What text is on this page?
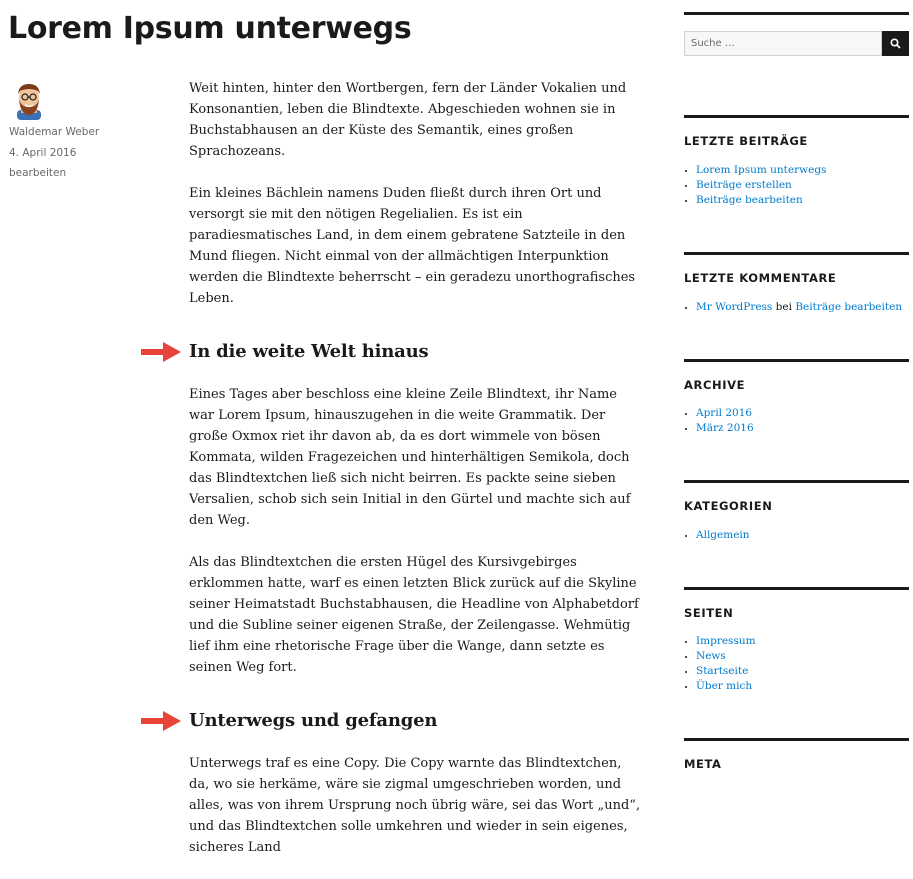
Lorem Ipsum unterwegs
Waldemar Weber
4. April 2016
bearbeiten

Weit hinten, hinter den Wortbergen, fern der Länder Vokalien und Konsonantien, leben die Blindtexte. Abgeschieden wohnen sie in Buchstabhausen an der Küste des Semantik, eines großen Sprachozeans.

Ein kleines Bächlein namens Duden fließt durch ihren Ort und versorgt sie mit den nötigen Regelialien. Es ist ein paradiesmatisches Land, in dem einem gebratene Satzteile in den Mund fliegen. Nicht einmal von der allmächtigen Interpunktion werden die Blindtexte beherrscht – ein geradezu unorthografisches Leben.

In die weite Welt hinaus

Eines Tages aber beschloss eine kleine Zeile Blindtext, ihr Name war Lorem Ipsum, hinauszugehen in die weite Grammatik. Der große Oxmox riet ihr davon ab, da es dort wimmele von bösen Kommata, wilden Fragezeichen und hinterhältigen Semikola, doch das Blindtextchen ließ sich nicht beirren. Es packte seine sieben Versalien, schob sich sein Initial in den Gürtel und machte sich auf den Weg.

Als das Blindtextchen die ersten Hügel des Kursivgebirges erklommen hatte, warf es einen letzten Blick zurück auf die Skyline seiner Heimatstadt Buchstabhausen, die Headline von Alphabetdorf und die Subline seiner eigenen Straße, der Zeilengasse. Wehmütig lief ihm eine rhetorische Frage über die Wange, dann setzte es seinen Weg fort.

Unterwegs und gefangen

Unterwegs traf es eine Copy. Die Copy warnte das Blindtextchen, da, wo sie herkäme, wäre sie zigmal umgeschrieben worden, und alles, was von ihrem Ursprung noch übrig wäre, sei das Wort „und“, und das Blindtextchen solle umkehren und wieder in sein eigenes, sicheres Land

Suche …
LETZTE BEITRÄGE
• Lorem Ipsum unterwegs
• Beiträge erstellen
• Beiträge bearbeiten
LETZTE KOMMENTARE
• Mr WordPress bei Beiträge bearbeiten
ARCHIVE
• April 2016
• März 2016
KATEGORIEN
• Allgemein
SEITEN
• Impressum
• News
• Startseite
• Über mich
META
